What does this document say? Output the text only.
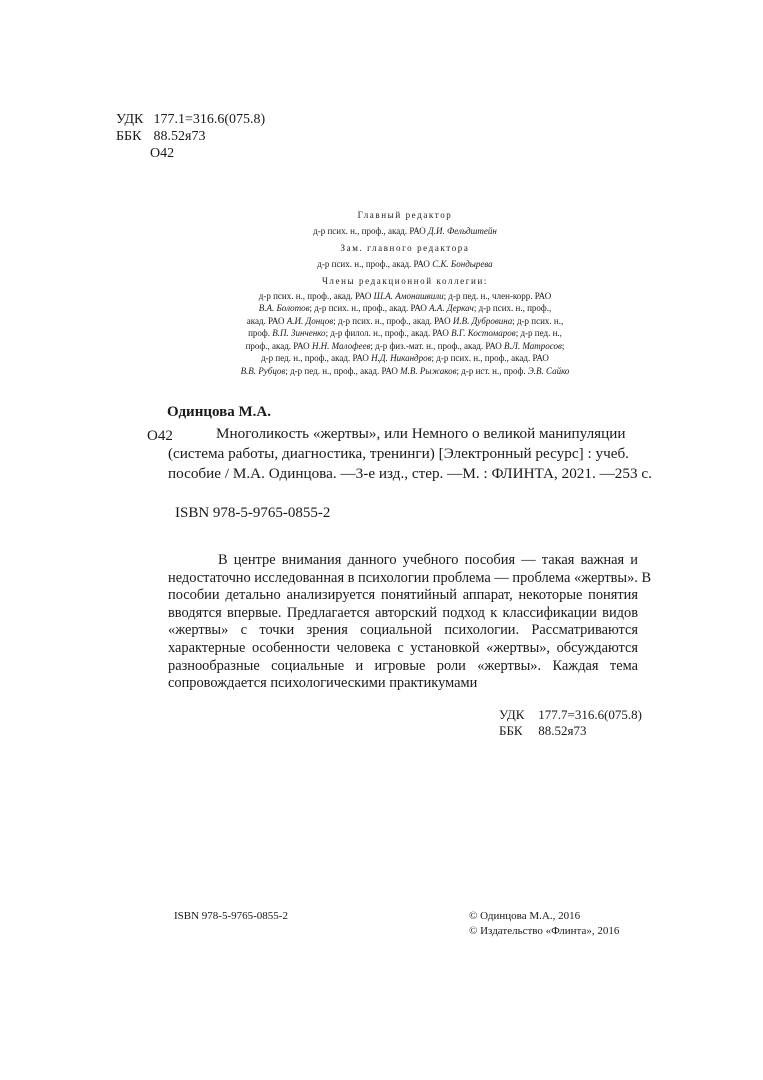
УДК 177.1=316.6(075.8)
ББК 88.52я73
О42

Главный редактор

д-р псих. н., проф., акад. РАО Д.И. Фельдштейн

Зам. главного редактора

д-р псих. н., проф., акад. РАО С.К. Бондырева

Члены редакционной коллегии:

д-р псих. н., проф., акад. РАО Ш.А. Амонашвили; д-р пед. н., член-корр. РАО

В.А. Болотов; д-р псих. н., проф., акад. РАО А.А. Деркач; д-р псих. н., проф.,

акад. РАО А.И. Донцов; д-р псих. н., проф., акад. РАО И.В. Дубровина; д-р псих. н.,

проф. В.П. Зинченко; д-р филол. н., проф., акад. РАО В.Г. Костомаров; д-р пед. н.,

проф., акад. РАО Н.Н. Малофеев; д-р физ.-мат. н., проф., акад. РАО В.Л. Матросов;

д-р пед. н., проф., акад. РАО Н.Д. Никандров; д-р псих. н., проф., акад. РАО

В.В. Рубцов; д-р пед. н., проф., акад. РАО М.В. Рыжаков; д-р ист. н., проф. Э.В. Сайко

Одинцова М.А.
О42	Многоликость «жертвы», или Немного о великой манипуляции
(система работы, диагностика, тренинги) [Электронный ресурс] : учеб.
пособие / М.А. Одинцова. —3-е изд., стер. —М. : ФЛИНТА, 2021. —253 с.
ISBN 978-5-9765-0855-2
В центре внимания данного учебного пособия — такая важная и
недостаточно исследованная в психологии проблема — проблема «жертвы». В
пособии детально анализируется понятийный аппарат, некоторые понятия
вводятся впервые. Предлагается авторский подход к классификации видов
«жертвы» с точки зрения социальной психологии. Рассматриваются
характерные особенности человека с установкой «жертвы», обсуждаются
разнообразные социальные и игровые роли «жертвы». Каждая тема
сопровождается психологическими практикумами
УДК 177.7=316.6(075.8)
ББК 88.52я73
ISBN 978-5-9765-0855-2	© Одинцова М.А., 2016
© Издательство «Флинта», 2016
